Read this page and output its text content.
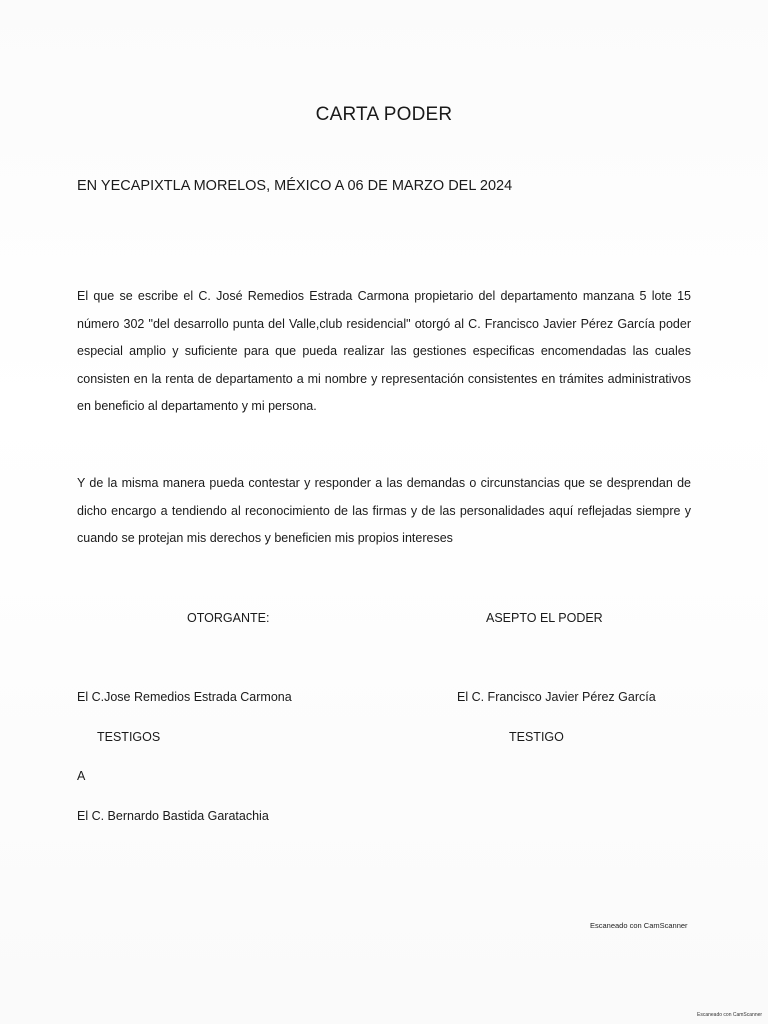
CARTA PODER
EN YECAPIXTLA MORELOS, MÉXICO A 06 DE MARZO DEL 2024
El que se escribe el C. José Remedios Estrada Carmona propietario del departamento manzana 5 lote 15 número 302 "del desarrollo punta del Valle,club residencial" otorgó al C. Francisco Javier Pérez García poder especial amplio y suficiente para que pueda realizar las gestiones especificas encomendadas las cuales consisten en la renta de departamento a mi nombre y representación consistentes en trámites administrativos en beneficio al departamento y mi persona.
Y de la misma manera pueda contestar y responder a las demandas o circunstancias que se desprendan de dicho encargo a tendiendo al reconocimiento de las firmas y de las personalidades aquí reflejadas siempre y cuando se protejan mis derechos y beneficien mis propios intereses
OTORGANTE:	ASEPTO EL PODER
El C.Jose Remedios Estrada Carmona	El C. Francisco Javier Pérez García
TESTIGOS	TESTIGO
A
El C. Bernardo Bastida Garatachia
Escaneado con CamScanner
Escaneado con CamScanner
